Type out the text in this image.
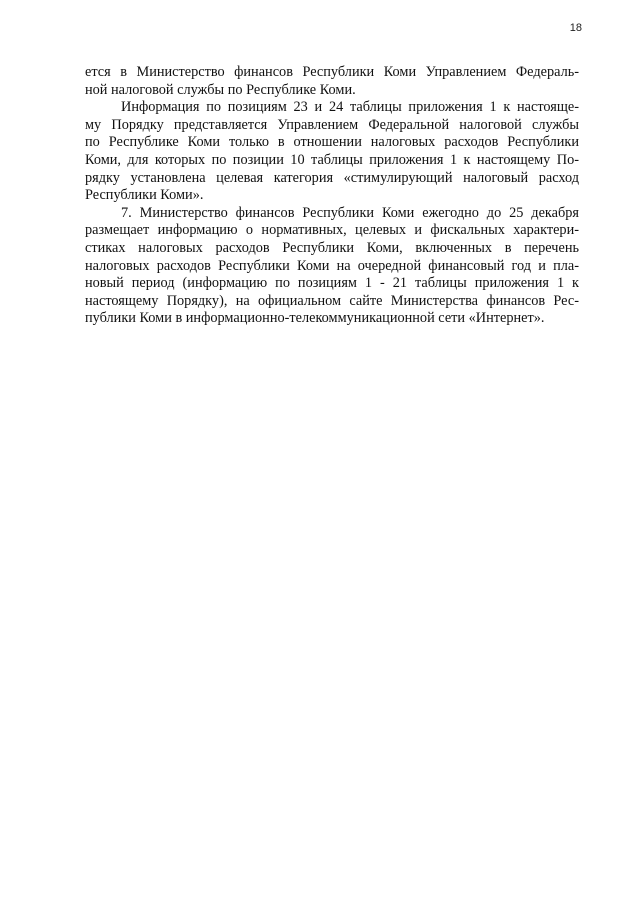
18
ется в Министерство финансов Республики Коми Управлением Федераль-
ной налоговой службы по Республике Коми.
Информация по позициям 23 и 24 таблицы приложения 1 к настояще-
му Порядку представляется Управлением Федеральной налоговой службы
по Республике Коми только в отношении налоговых расходов Республики
Коми, для которых по позиции 10 таблицы приложения 1 к настоящему По-
рядку установлена целевая категория «стимулирующий налоговый расход
Республики Коми».
7. Министерство финансов Республики Коми ежегодно до 25 декабря
размещает информацию о нормативных, целевых и фискальных характери-
стиках налоговых расходов Республики Коми, включенных в перечень
налоговых расходов Республики Коми на очередной финансовый год и пла-
новый период (информацию по позициям 1 - 21 таблицы приложения 1 к
настоящему Порядку), на официальном сайте Министерства финансов Рес-
публики Коми в информационно-телекоммуникационной сети «Интернет».
